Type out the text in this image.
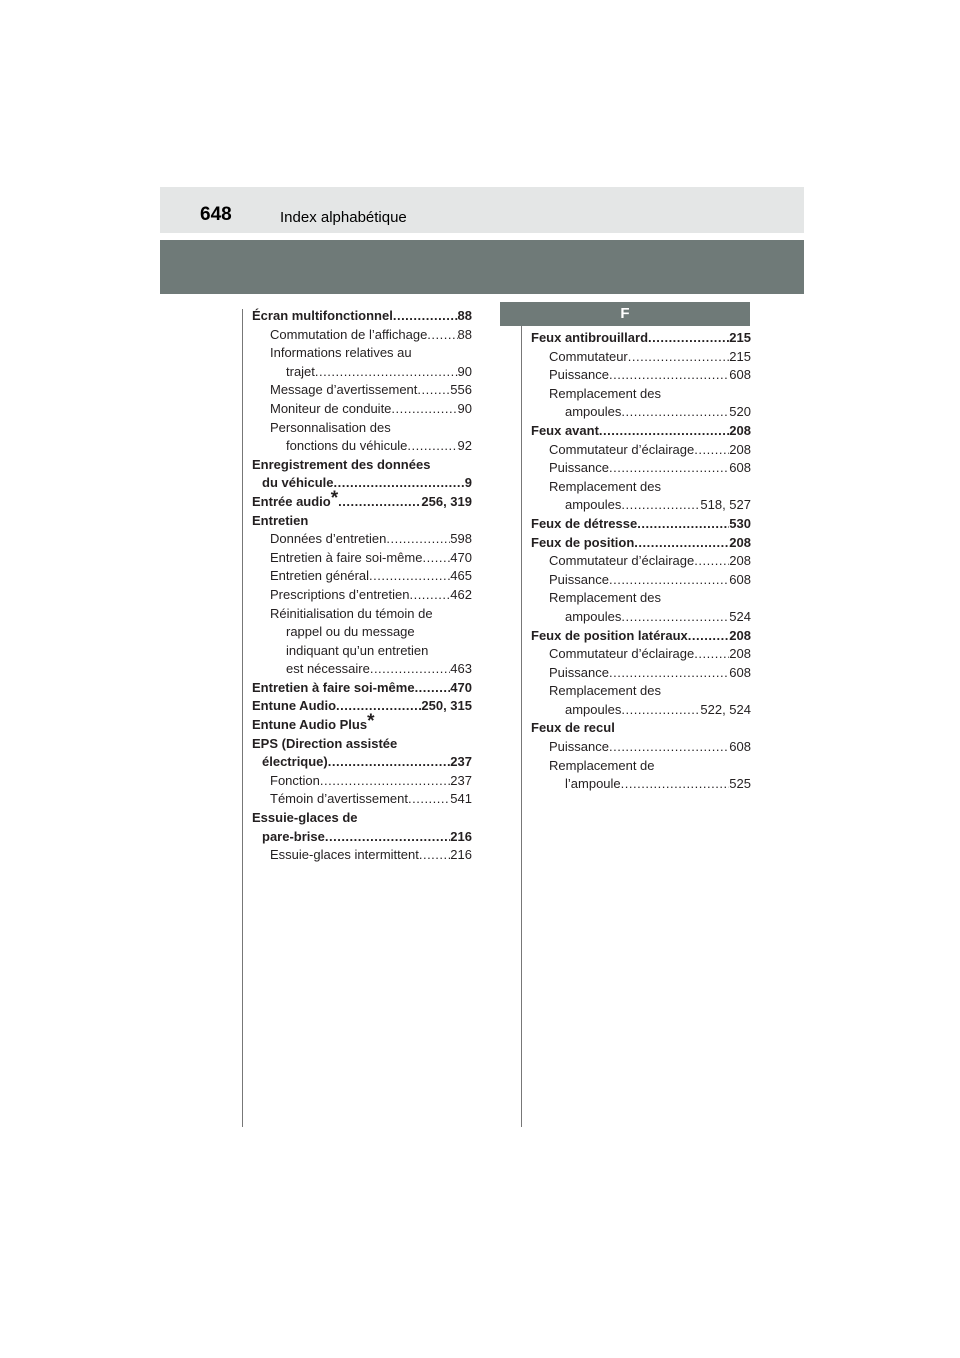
648	Index alphabétique
F
Écran multifonctionnel .....	88
Commutation de l’affichage ..... 88
Informations relatives au
trajet .....	90
Message d’avertissement .....	556
Moniteur de conduite .....	90
Personnalisation des
fonctions du véhicule .....	92
Enregistrement des données
du véhicule .....	9
Entrée audio* .....	256, 319
Entretien
Données d’entretien .....	598
Entretien à faire soi-même ..... 470
Entretien général .....	465
Prescriptions d’entretien .....	462
Réinitialisation du témoin de
rappel ou du message
indiquant qu’un entretien
est nécessaire .....	463
Entretien à faire soi-même .....	470
Entune Audio .....	250, 315
Entune Audio Plus*
EPS (Direction assistée
électrique) .....	237
Fonction .....	237
Témoin d’avertissement .....	541
Essuie-glaces de
pare-brise .....	216
Essuie-glaces intermittent ..... 216
Feux antibrouillard .....	215
Commutateur .....	215
Puissance .....	608
Remplacement des
ampoules .....	520
Feux avant .....	208
Commutateur d’éclairage .....	208
Puissance .....	608
Remplacement des
ampoules .....	518, 527
Feux de détresse .....	530
Feux de position .....	208
Commutateur d’éclairage .....	208
Puissance .....	608
Remplacement des
ampoules .....	524
Feux de position latéraux .....	208
Commutateur d’éclairage .....	208
Puissance .....	608
Remplacement des
ampoules .....	522, 524
Feux de recul
Puissance .....	608
Remplacement de
l’ampoule .....	525
